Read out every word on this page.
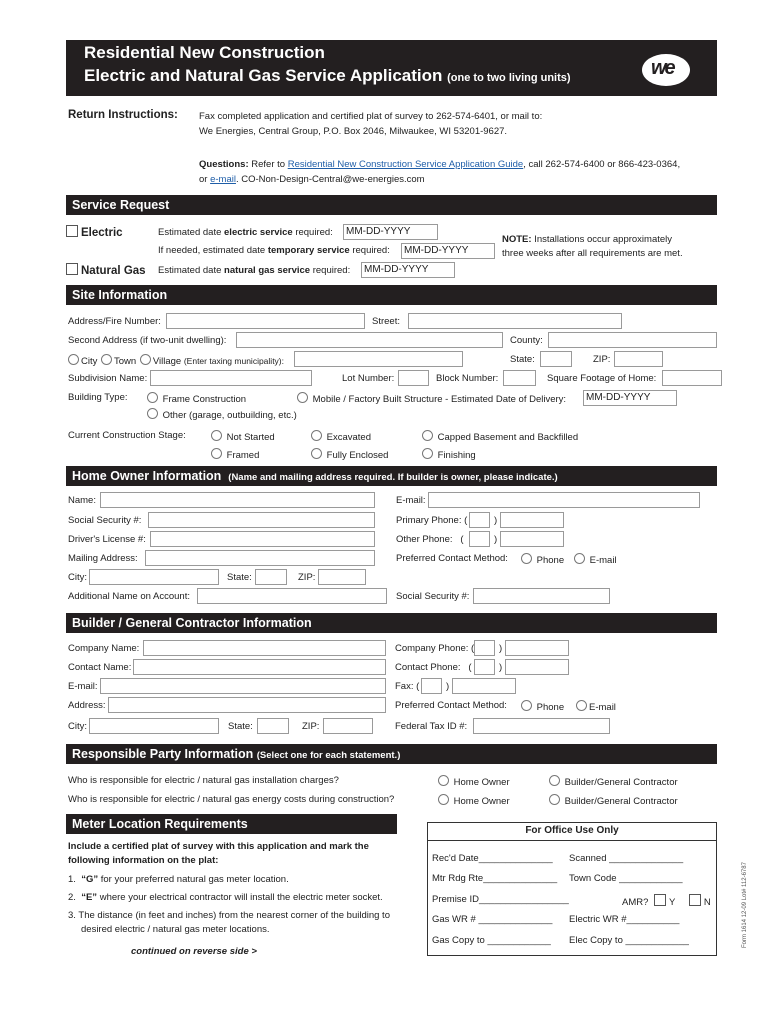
Residential New Construction
Electric and Natural Gas Service Application (one to two living units)	we
Return Instructions: Fax completed application and certified plat of survey to 262-574-6401, or mail to:
We Energies, Central Group, P.O. Box 2046, Milwaukee, WI 53201-9627.
Questions: Refer to Residential New Construction Service Application Guide, call 262-574-6400 or 866-423-0364,
or e-mail. CO-Non-Design-Central@we-energies.com
Service Request
Electric	Estimated date electric service required:	MM-DD-YYYY
If needed, estimated date temporary service required:	MM-DD-YYYY
Natural Gas Estimated date natural gas service required:	MM-DD-YYYY
NOTE: Installations occur approximately
three weeks after all requirements are met.
Site Information
Address/Fire Number:	Street:
Second Address (if two-unit dwelling):	County:
City Town Village (Enter taxing municipality):	State:	ZIP:
Subdivision Name:	Lot Number:	Block Number:	Square Footage of Home:
Building Type:	Frame Construction	Mobile / Factory Built Structure - Estimated Date of Delivery:	MM-DD-YYYY
Other (garage, outbuilding, etc.)
Current Construction Stage:	Not Started	Excavated	Capped Basement and Backfilled
Framed	Fully Enclosed	Finishing
Home Owner Information (Name and mailing address required. If builder is owner, please indicate.)
Name:	E-mail:
Social Security #:	Primary Phone: (	)
Driver's License #:	Other Phone:   (	)
Mailing Address:	Preferred Contact Method:	Phone	E-mail
City:	State:	ZIP:
Additional Name on Account:	Social Security #:
Builder / General Contractor Information
Company Name:	Company Phone: (	)
Contact Name:	Contact Phone:   (	)
E-mail:	Fax: (	)
Address:	Preferred Contact Method:	Phone	E-mail
City:	State:	ZIP:	Federal Tax ID #:
Responsible Party Information (Select one for each statement.)
Who is responsible for electric / natural gas installation charges?	Home Owner	Builder/General Contractor
Who is responsible for electric / natural gas energy costs during construction?	Home Owner	Builder/General Contractor
Meter Location Requirements
Include a certified plat of survey with this application and mark the
following information on the plat:
1. “G” for your preferred natural gas meter location.
2. “E” where your electrical contractor will install the electric meter socket.
3. The distance (in feet and inches) from the nearest corner of the building to
desired electric / natural gas meter locations.
continued on reverse side >
For Office Use Only
Rec'd Date______________ Scanned ______________
Mtr Rdg Rte______________ Town Code ____________
Premise ID_________________	AMR? Y	N
Gas WR # ______________ Electric WR #__________
Gas Copy to ____________ Elec Copy to ____________	Form 1614 12-09 Lot# 112-6787
